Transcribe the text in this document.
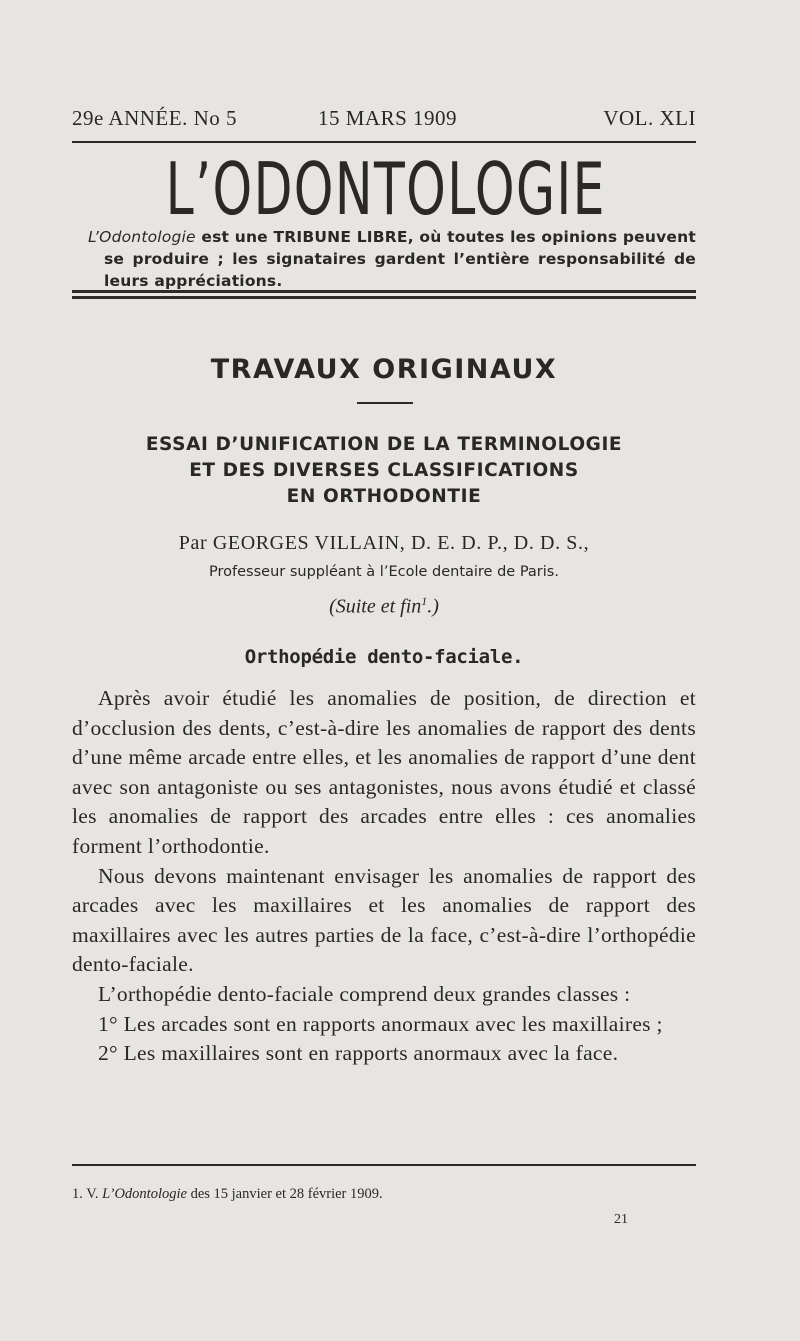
29e ANNÉE. No 5	15 MARS 1909	VOL. XLI
L’ODONTOLOGIE

L’Odontologie est une TRIBUNE LIBRE, où toutes les opinions peuvent se produire ; les signataires gardent l’entière responsabilité de leurs appréciations.

TRAVAUX ORIGINAUX
ESSAI D’UNIFICATION DE LA TERMINOLOGIE
ET DES DIVERSES CLASSIFICATIONS
EN ORTHODONTIE
Par GEORGES VILLAIN, D. E. D. P., D. D. S.,
Professeur suppléant à l’Ecole dentaire de Paris.
(Suite et fin$^1$.)
Orthopédie dento-faciale.

Après avoir étudié les anomalies de position, de direction et d’occlusion des dents, c’est-à-dire les anomalies de rapport des dents d’une même arcade entre elles, et les anomalies de rapport d’une dent avec son antagoniste ou ses antagonistes, nous avons étudié et classé les anomalies de rapport des arcades entre elles : ces anomalies forment l’orthodontie.

Nous devons maintenant envisager les anomalies de rapport des arcades avec les maxillaires et les anomalies de rapport des maxillaires avec les autres parties de la face, c’est-à-dire l’orthopédie dento-faciale.

L’orthopédie dento-faciale comprend deux grandes classes :

1° Les arcades sont en rapports anormaux avec les maxillaires ;

2° Les maxillaires sont en rapports anormaux avec la face.

1. V. L’Odontologie des 15 janvier et 28 février 1909.
21
